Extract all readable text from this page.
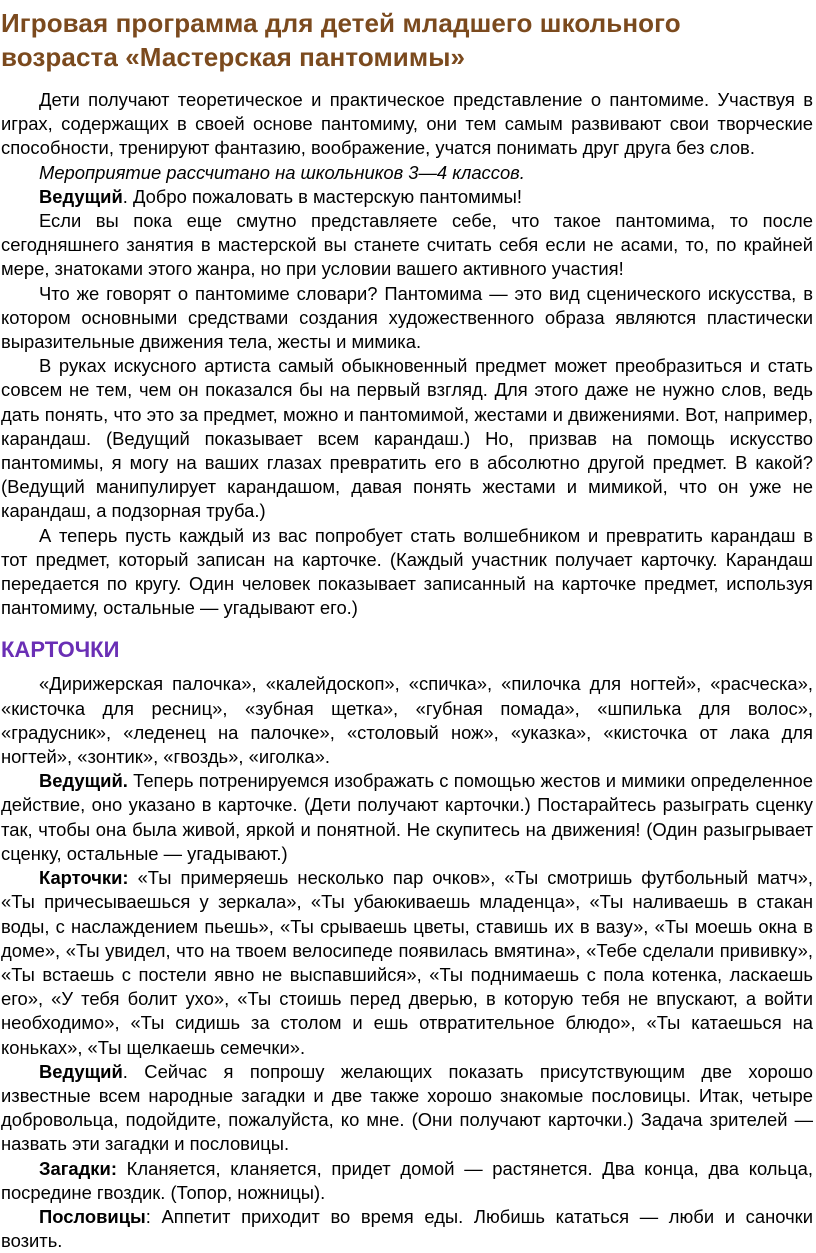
Игровая программа для детей младшего школьного
возраста «Мастерская пантомимы»

Дети получают теоретическое и практическое представление о пантомиме. Участвуя в играх, содержащих в своей основе пантомиму, они тем самым развивают свои творческие способности, тренируют фантазию, воображение, учатся понимать друг друга без слов.

Мероприятие рассчитано на школьников 3—4 классов.

Ведущий. Добро пожаловать в мастерскую пантомимы!

Если вы пока еще смутно представляете себе, что такое пантомима, то после сегодняшнего занятия в мастерской вы станете считать себя если не асами, то, по крайней мере, знатоками этого жанра, но при условии вашего активного участия!

Что же говорят о пантомиме словари? Пантомима — это вид сценического искусства, в котором основными средствами создания художественного образа являются пластически выразительные движения тела, жесты и мимика.

В руках искусного артиста самый обыкновенный предмет может преобразиться и стать совсем не тем, чем он показался бы на первый взгляд. Для этого даже не нужно слов, ведь дать понять, что это за предмет, можно и пантомимой, жестами и движениями. Вот, например, карандаш. (Ведущий показывает всем карандаш.) Но, призвав на помощь искусство пантомимы, я могу на ваших глазах превратить его в абсолютно другой предмет. В какой? (Ведущий манипулирует карандашом, давая понять жестами и мимикой, что он уже не карандаш, а подзорная труба.)

А теперь пусть каждый из вас попробует стать волшебником и превратить карандаш в тот предмет, который записан на карточке. (Каждый участник получает карточку. Карандаш передается по кругу. Один человек показывает записанный на карточке предмет, используя пантомиму, остальные — угадывают его.)

КАРТОЧКИ

«Дирижерская палочка», «калейдоскоп», «спичка», «пилочка для ногтей», «расческа», «кисточка для ресниц», «зубная щетка», «губная помада», «шпилька для волос», «градусник», «леденец на палочке», «столовый нож», «указка», «кисточка от лака для ногтей», «зонтик», «гвоздь», «иголка».

Ведущий. Теперь потренируемся изображать с помощью жестов и мимики определенное действие, оно указано в карточке. (Дети получают карточки.) Постарайтесь разыграть сценку так, чтобы она была живой, яркой и понятной. Не скупитесь на движения! (Один разыгрывает сценку, остальные — угадывают.)

Карточки: «Ты примеряешь несколько пар очков», «Ты смотришь футбольный матч», «Ты причесываешься у зеркала», «Ты убаюкиваешь младенца», «Ты наливаешь в стакан воды, с наслаждением пьешь», «Ты срываешь цветы, ставишь их в вазу», «Ты моешь окна в доме», «Ты увидел, что на твоем велосипеде появилась вмятина», «Тебе сделали прививку», «Ты встаешь с постели явно не выспавшийся», «Ты поднимаешь с пола котенка, ласкаешь его», «У тебя болит ухо», «Ты стоишь перед дверью, в которую тебя не впускают, а войти необходимо», «Ты сидишь за столом и ешь отвратительное блюдо», «Ты катаешься на коньках», «Ты щелкаешь семечки».

Ведущий. Сейчас я попрошу желающих показать присутствующим две хорошо известные всем народные загадки и две также хорошо знакомые пословицы. Итак, четыре добровольца, подойдите, пожалуйста, ко мне. (Они получают карточки.) Задача зрителей — назвать эти загадки и пословицы.

Загадки: Кланяется, кланяется, придет домой — растянется. Два конца, два кольца, посредине гвоздик. (Топор, ножницы).

Пословицы: Аппетит приходит во время еды. Любишь кататься — люби и саночки возить.
